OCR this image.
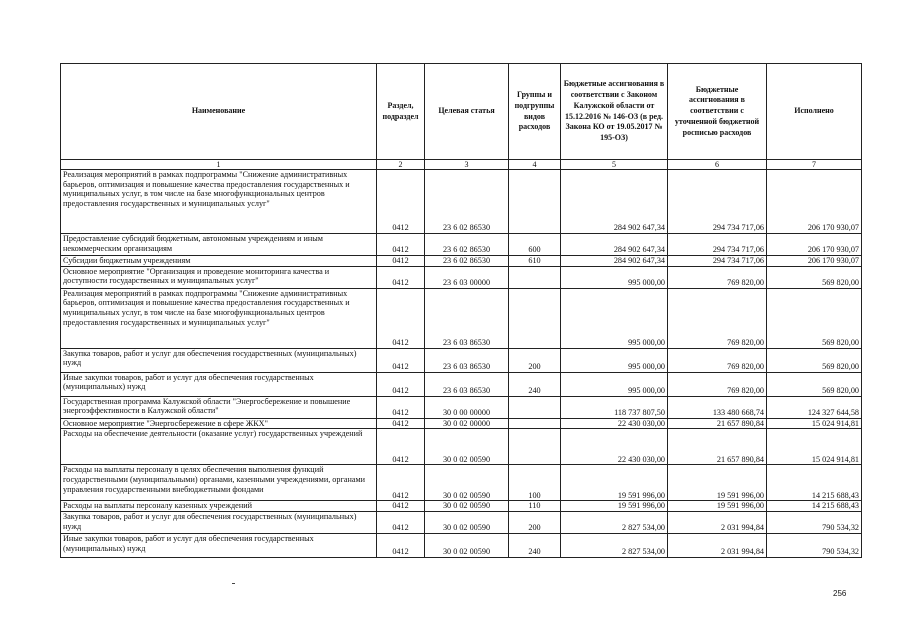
Наименование	Раздел, подраздел	Целевая статья	Группы и подгруппы видов расходов	Бюджетные ассигнования в соответствии с Законом Калужской области от 15.12.2016 № 146-ОЗ (в ред. Закона КО от 19.05.2017 № 195-ОЗ)	Бюджетные ассигнования в соответствии с уточненной бюджетной росписью расходов	Исполнено
1	2	3	4	5	6	7
Реализация мероприятий в рамках подпрограммы "Снижение административных барьеров, оптимизация и повышение качества предоставления государственных и муниципальных услуг, в том числе на базе многофункциональных центров предоставления государственных и муниципальных услуг"	0412	23 6 02 86530		284 902 647,34	294 734 717,06	206 170 930,07
Предоставление субсидий бюджетным, автономным учреждениям и иным некоммерческим организациям	0412	23 6 02 86530	600	284 902 647,34	294 734 717,06	206 170 930,07
Субсидии бюджетным учреждениям	0412	23 6 02 86530	610	284 902 647,34	294 734 717,06	206 170 930,07
Основное мероприятие "Организация и проведение мониторинга качества и доступности государственных и муниципальных услуг"	0412	23 6 03 00000		995 000,00	769 820,00	569 820,00
Реализация мероприятий в рамках подпрограммы "Снижение административных барьеров, оптимизация и повышение качества предоставления государственных и муниципальных услуг, в том числе на базе многофункциональных центров предоставления государственных и муниципальных услуг"	0412	23 6 03 86530		995 000,00	769 820,00	569 820,00
Закупка товаров, работ и услуг для обеспечения государственных (муниципальных) нужд	0412	23 6 03 86530	200	995 000,00	769 820,00	569 820,00
Иные закупки товаров, работ и услуг для обеспечения государственных (муниципальных) нужд	0412	23 6 03 86530	240	995 000,00	769 820,00	569 820,00
Государственная программа Калужской области "Энергосбережение и повышение энергоэффективности в Калужской области"	0412	30 0 00 00000		118 737 807,50	133 480 668,74	124 327 644,58
Основное мероприятие "Энергосбережение в сфере ЖКХ"	0412	30 0 02 00000		22 430 030,00	21 657 890,84	15 024 914,81
Расходы на обеспечение деятельности (оказание услуг) государственных учреждений	0412	30 0 02 00590		22 430 030,00	21 657 890,84	15 024 914,81
Расходы на выплаты персоналу в целях обеспечения выполнения функций государственными (муниципальными) органами, казенными учреждениями, органами управления государственными внебюджетными фондами	0412	30 0 02 00590	100	19 591 996,00	19 591 996,00	14 215 688,43
Расходы на выплаты персоналу казенных учреждений	0412	30 0 02 00590	110	19 591 996,00	19 591 996,00	14 215 688,43
Закупка товаров, работ и услуг для обеспечения государственных (муниципальных) нужд	0412	30 0 02 00590	200	2 827 534,00	2 031 994,84	790 534,32
Иные закупки товаров, работ и услуг для обеспечения государственных (муниципальных) нужд	0412	30 0 02 00590	240	2 827 534,00	2 031 994,84	790 534,32
256
